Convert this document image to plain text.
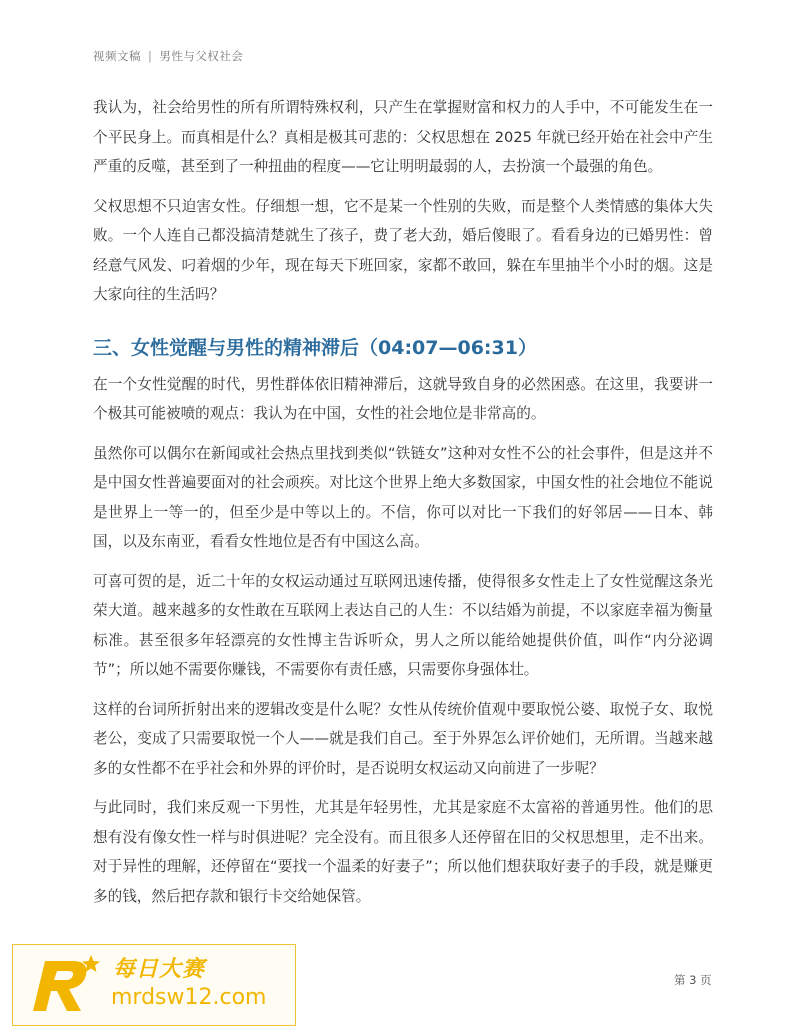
视频文稿 | 男性与父权社会

我认为，社会给男性的所有所谓特殊权利，只产生在掌握财富和权力的人手中，不可能发生在一个平民身上。而真相是什么？真相是极其可悲的：父权思想在 2025 年就已经开始在社会中产生严重的反噬，甚至到了一种扭曲的程度——它让明明最弱的人，去扮演一个最强的角色。

父权思想不只迫害女性。仔细想一想，它不是某一个性别的失败，而是整个人类情感的集体大失败。一个人连自己都没搞清楚就生了孩子，费了老大劲，婚后傻眼了。看看身边的已婚男性：曾经意气风发、叼着烟的少年，现在每天下班回家，家都不敢回，躲在车里抽半个小时的烟。这是大家向往的生活吗？

三、女性觉醒与男性的精神滞后（04:07—06:31）

在一个女性觉醒的时代，男性群体依旧精神滞后，这就导致自身的必然困惑。在这里，我要讲一个极其可能被喷的观点：我认为在中国，女性的社会地位是非常高的。

虽然你可以偶尔在新闻或社会热点里找到类似“铁链女”这种对女性不公的社会事件，但是这并不是中国女性普遍要面对的社会顽疾。对比这个世界上绝大多数国家，中国女性的社会地位不能说是世界上一等一的，但至少是中等以上的。不信，你可以对比一下我们的好邻居——日本、韩国，以及东南亚，看看女性地位是否有中国这么高。

可喜可贺的是，近二十年的女权运动通过互联网迅速传播，使得很多女性走上了女性觉醒这条光荣大道。越来越多的女性敢在互联网上表达自己的人生：不以结婚为前提，不以家庭幸福为衡量标准。甚至很多年轻漂亮的女性博主告诉听众，男人之所以能给她提供价值，叫作“内分泌调节”；所以她不需要你赚钱，不需要你有责任感，只需要你身强体壮。

这样的台词所折射出来的逻辑改变是什么呢？女性从传统价值观中要取悦公婆、取悦子女、取悦老公，变成了只需要取悦一个人——就是我们自己。至于外界怎么评价她们，无所谓。当越来越多的女性都不在乎社会和外界的评价时，是否说明女权运动又向前进了一步呢？

与此同时，我们来反观一下男性，尤其是年轻男性，尤其是家庭不太富裕的普通男性。他们的思想有没有像女性一样与时俱进呢？完全没有。而且很多人还停留在旧的父权思想里，走不出来。对于异性的理解，还停留在“要找一个温柔的好妻子”；所以他们想获取好妻子的手段，就是赚更多的钱，然后把存款和银行卡交给她保管。

第 3 页
每日大赛
mrdsw12.com
